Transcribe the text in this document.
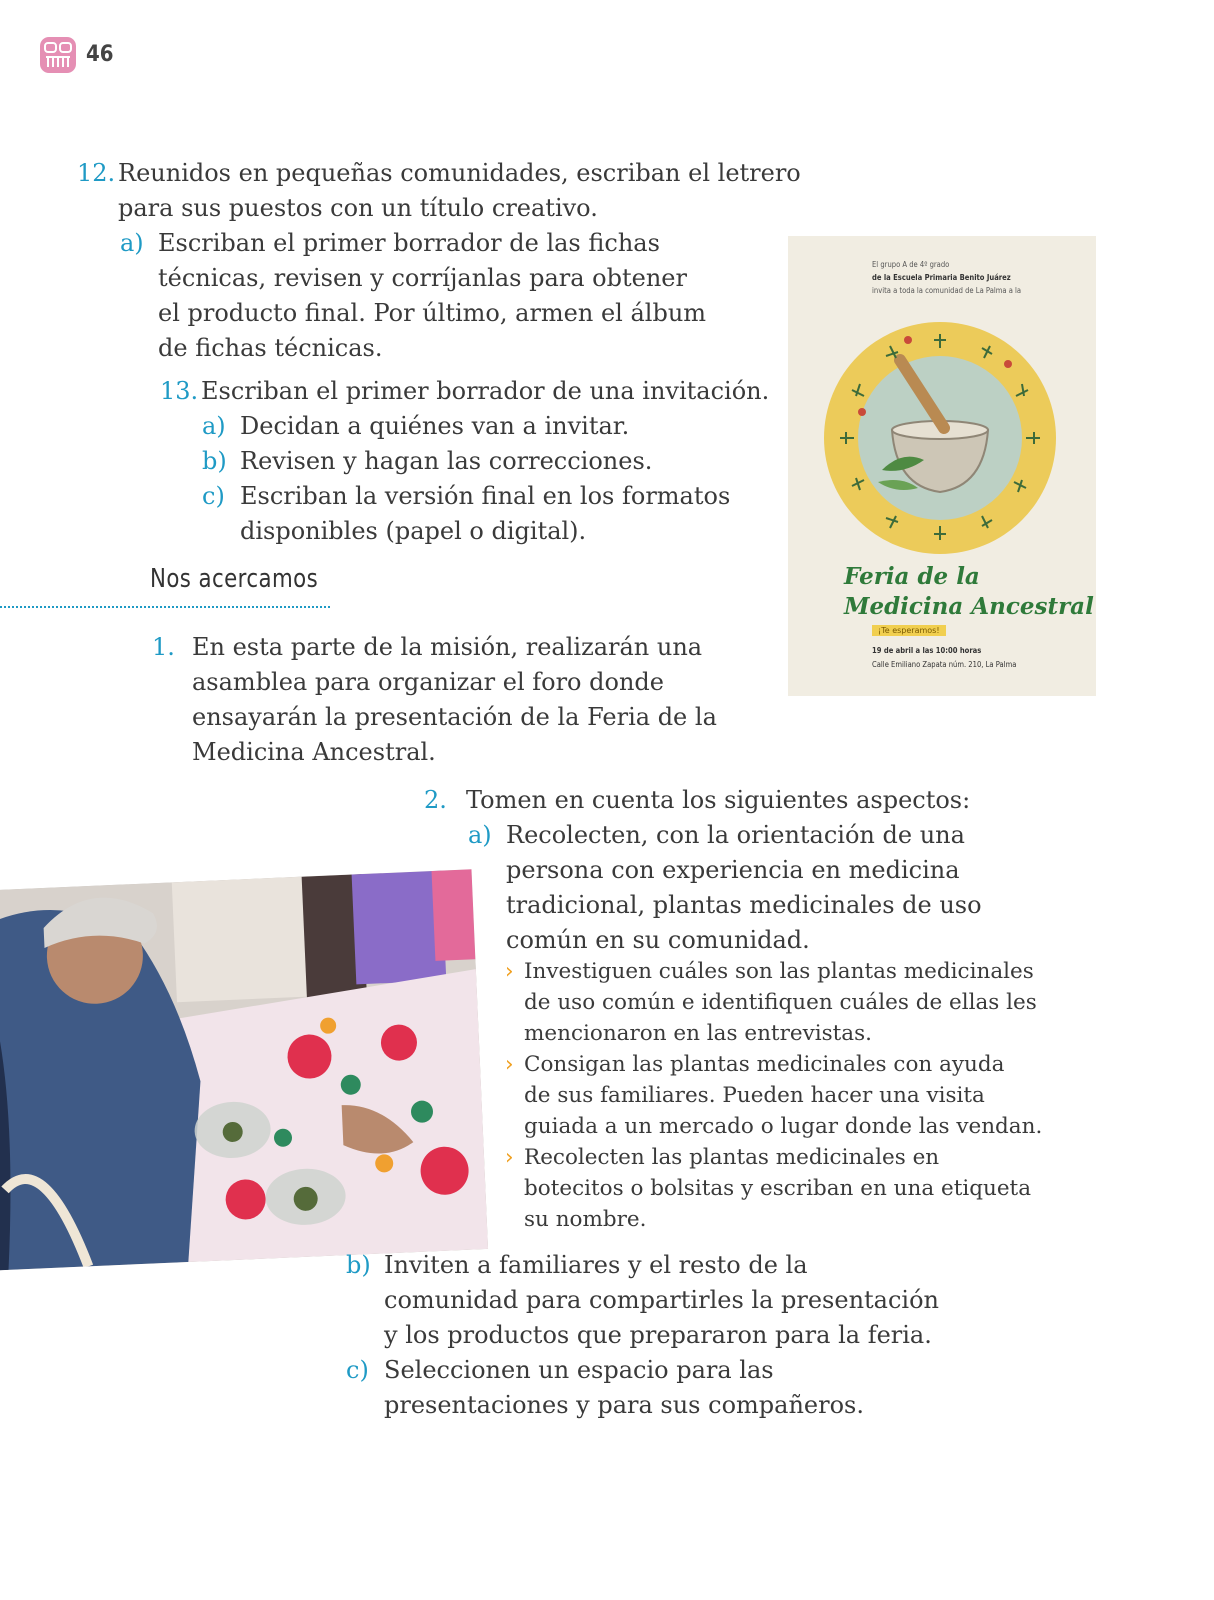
46
12. Reunidos en pequeñas comunidades, escriban el letrero
para sus puestos con un título creativo.
a) Escriban el primer borrador de las fichas
técnicas, revisen y corríjanlas para obtener
el producto final. Por último, armen el álbum
de fichas técnicas.
13. Escriban el primer borrador de una invitación.
a) Decidan a quiénes van a invitar.
b) Revisen y hagan las correcciones.
c) Escriban la versión final en los formatos
disponibles (papel o digital).
Nos acercamos
1. En esta parte de la misión, realizarán una
asamblea para organizar el foro donde
ensayarán la presentación de la Feria de la
Medicina Ancestral.
El grupo A de 4º grado
de la Escuela Primaria Benito Juárez
invita a toda la comunidad de La Palma a la
Feria de la
Medicina Ancestral
¡Te esperamos!
19 de abril a las 10:00 horas
Calle Emiliano Zapata núm. 210, La Palma
2. Tomen en cuenta los siguientes aspectos:
a) Recolecten, con la orientación de una
persona con experiencia en medicina
tradicional, plantas medicinales de uso
común en su comunidad.
› Investiguen cuáles son las plantas medicinales
de uso común e identifiquen cuáles de ellas les
mencionaron en las entrevistas.
› Consigan las plantas medicinales con ayuda
de sus familiares. Pueden hacer una visita
guiada a un mercado o lugar donde las vendan.
› Recolecten las plantas medicinales en
botecitos o bolsitas y escriban en una etiqueta
su nombre.
b) Inviten a familiares y el resto de la
comunidad para compartirles la presentación
y los productos que prepararon para la feria.
c) Seleccionen un espacio para las
presentaciones y para sus compañeros.
